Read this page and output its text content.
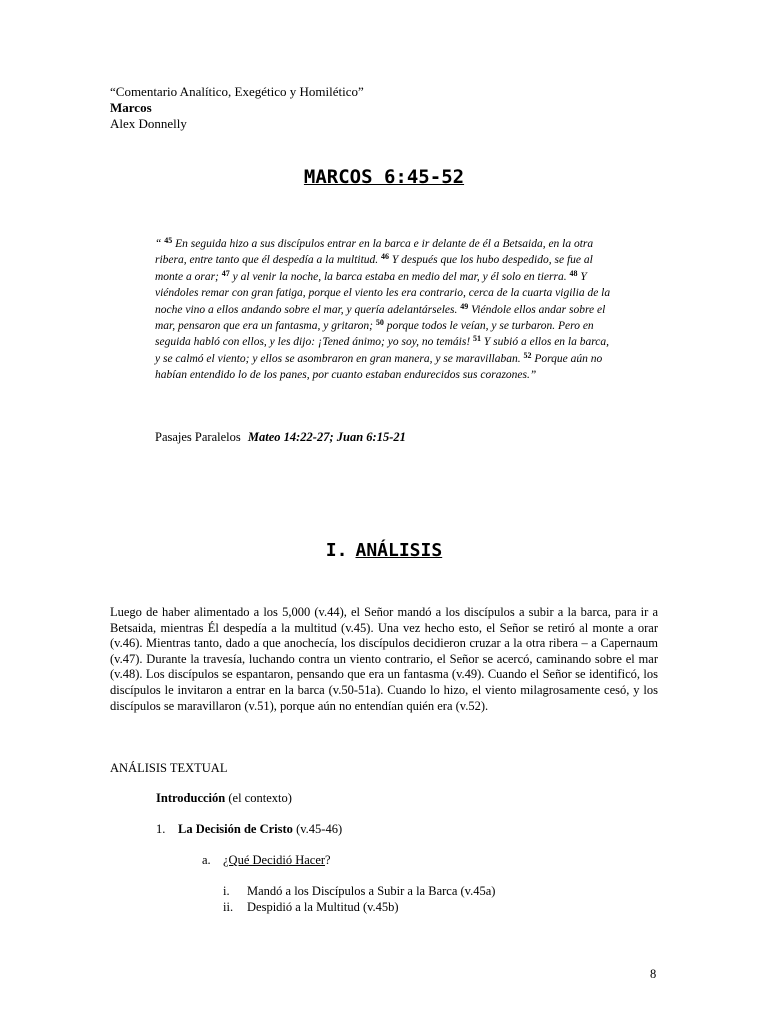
“Comentario Analítico, Exegético y Homilético”
Marcos
Alex Donnelly
MARCOS 6:45-52
“ $^{45}$ En seguida hizo a sus discípulos entrar en la barca e ir delante de él a Betsaida, en la otra ribera, entre tanto que él despedía a la multitud. $^{46}$ Y después que los hubo despedido, se fue al monte a orar; $^{47}$ y al venir la noche, la barca estaba en medio del mar, y él solo en tierra. $^{48}$ Y viéndoles remar con gran fatiga, porque el viento les era contrario, cerca de la cuarta vigilia de la noche vino a ellos andando sobre el mar, y quería adelantárseles. $^{49}$ Viéndole ellos andar sobre el mar, pensaron que era un fantasma, y gritaron; $^{50}$ porque todos le veían, y se turbaron. Pero en seguida habló con ellos, y les dijo: ¡Tened ánimo; yo soy, no temáis! $^{51}$ Y subió a ellos en la barca, y se calmó el viento; y ellos se asombraron en gran manera, y se maravillaban. $^{52}$ Porque aún no habían entendido lo de los panes, por cuanto estaban endurecidos sus corazones.”
Pasajes Paralelos Mateo 14:22-27; Juan 6:15-21
I. ANÁLISIS
Luego de haber alimentado a los 5,000 (v.44), el Señor mandó a los discípulos a subir a la barca, para ir a Betsaida, mientras Él despedía a la multitud (v.45). Una vez hecho esto, el Señor se retiró al monte a orar (v.46). Mientras tanto, dado a que anochecía, los discípulos decidieron cruzar a la otra ribera – a Capernaum (v.47). Durante la travesía, luchando contra un viento contrario, el Señor se acercó, caminando sobre el mar (v.48). Los discípulos se espantaron, pensando que era un fantasma (v.49). Cuando el Señor se identificó, los discípulos le invitaron a entrar en la barca (v.50-51a). Cuando lo hizo, el viento milagrosamente cesó, y los discípulos se maravillaron (v.51), porque aún no entendían quién era (v.52).
ANÁLISIS TEXTUAL
Introducción (el contexto)
1. La Decisión de Cristo (v.45-46)
a. ¿Qué Decidió Hacer?
i. Mandó a los Discípulos a Subir a la Barca (v.45a)
ii. Despidió a la Multitud (v.45b)
8
